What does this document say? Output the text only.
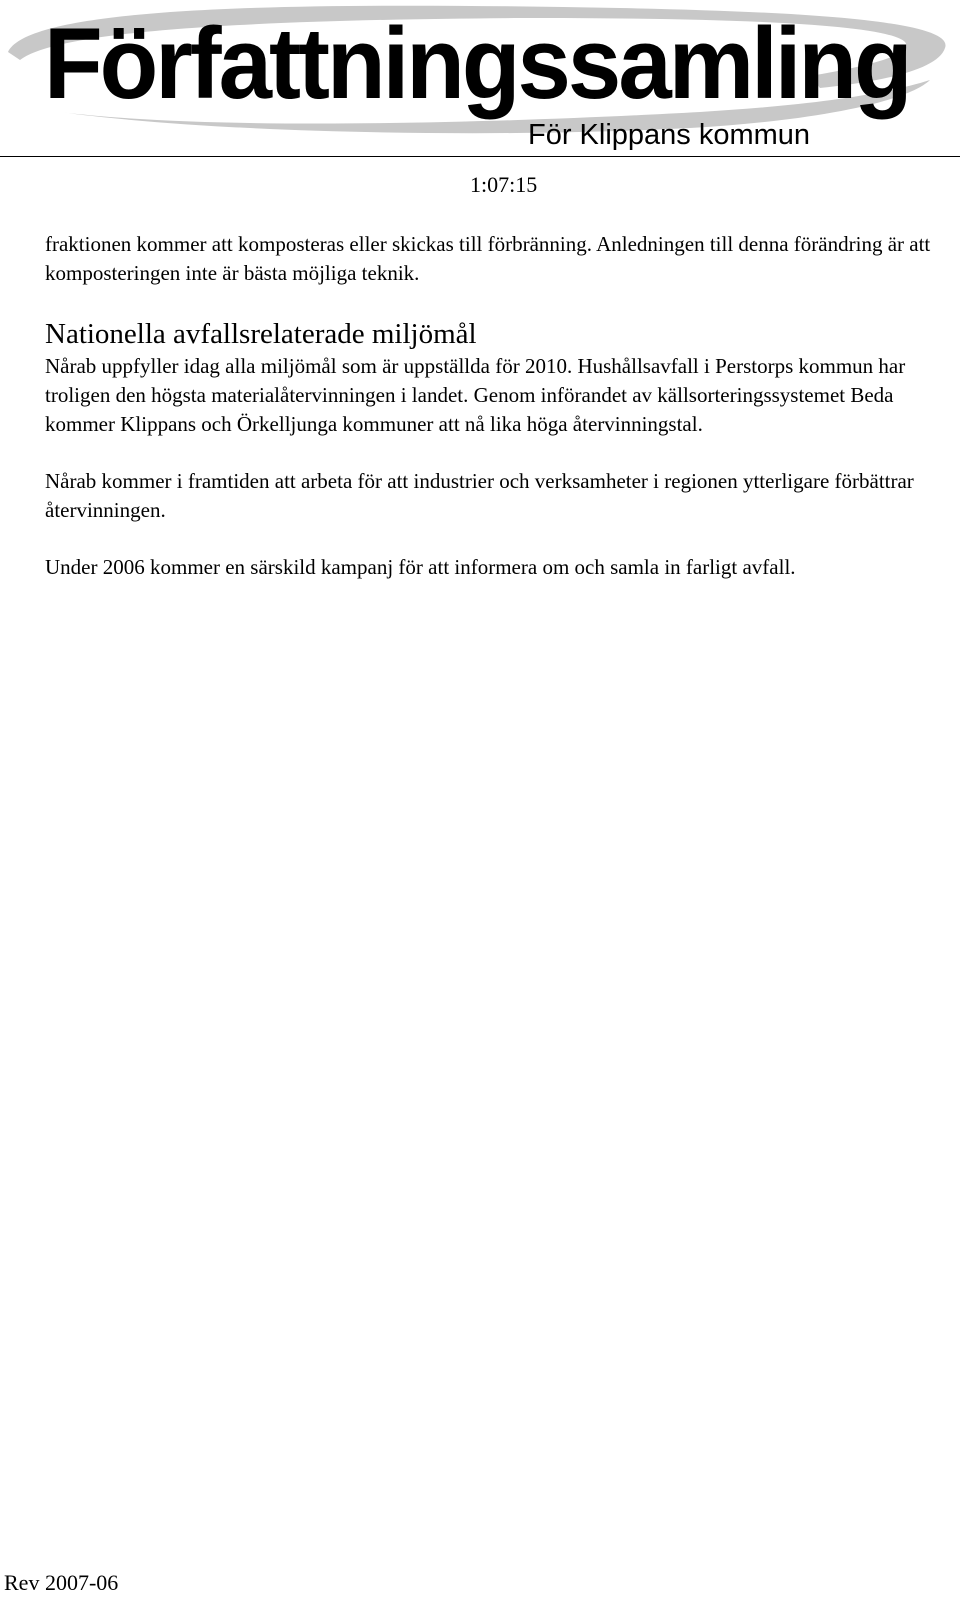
Författningssamling
För Klippans kommun
1:07:15

fraktionen kommer att komposteras eller skickas till förbränning. Anledningen till denna förändring är att komposteringen inte är bästa möjliga teknik.

Nationella avfallsrelaterade miljömål

Nårab uppfyller idag alla miljömål som är uppställda för 2010. Hushållsavfall i Perstorps kommun har troligen den högsta materialåtervinningen i landet. Genom införandet av källsorteringssystemet Beda kommer Klippans och Örkelljunga kommuner att nå lika höga återvinningstal.

Nårab kommer i framtiden att arbeta för att industrier och verksamheter i regionen ytterligare förbättrar återvinningen.

Under 2006 kommer en särskild kampanj för att informera om och samla in farligt avfall.

Rev 2007-06
